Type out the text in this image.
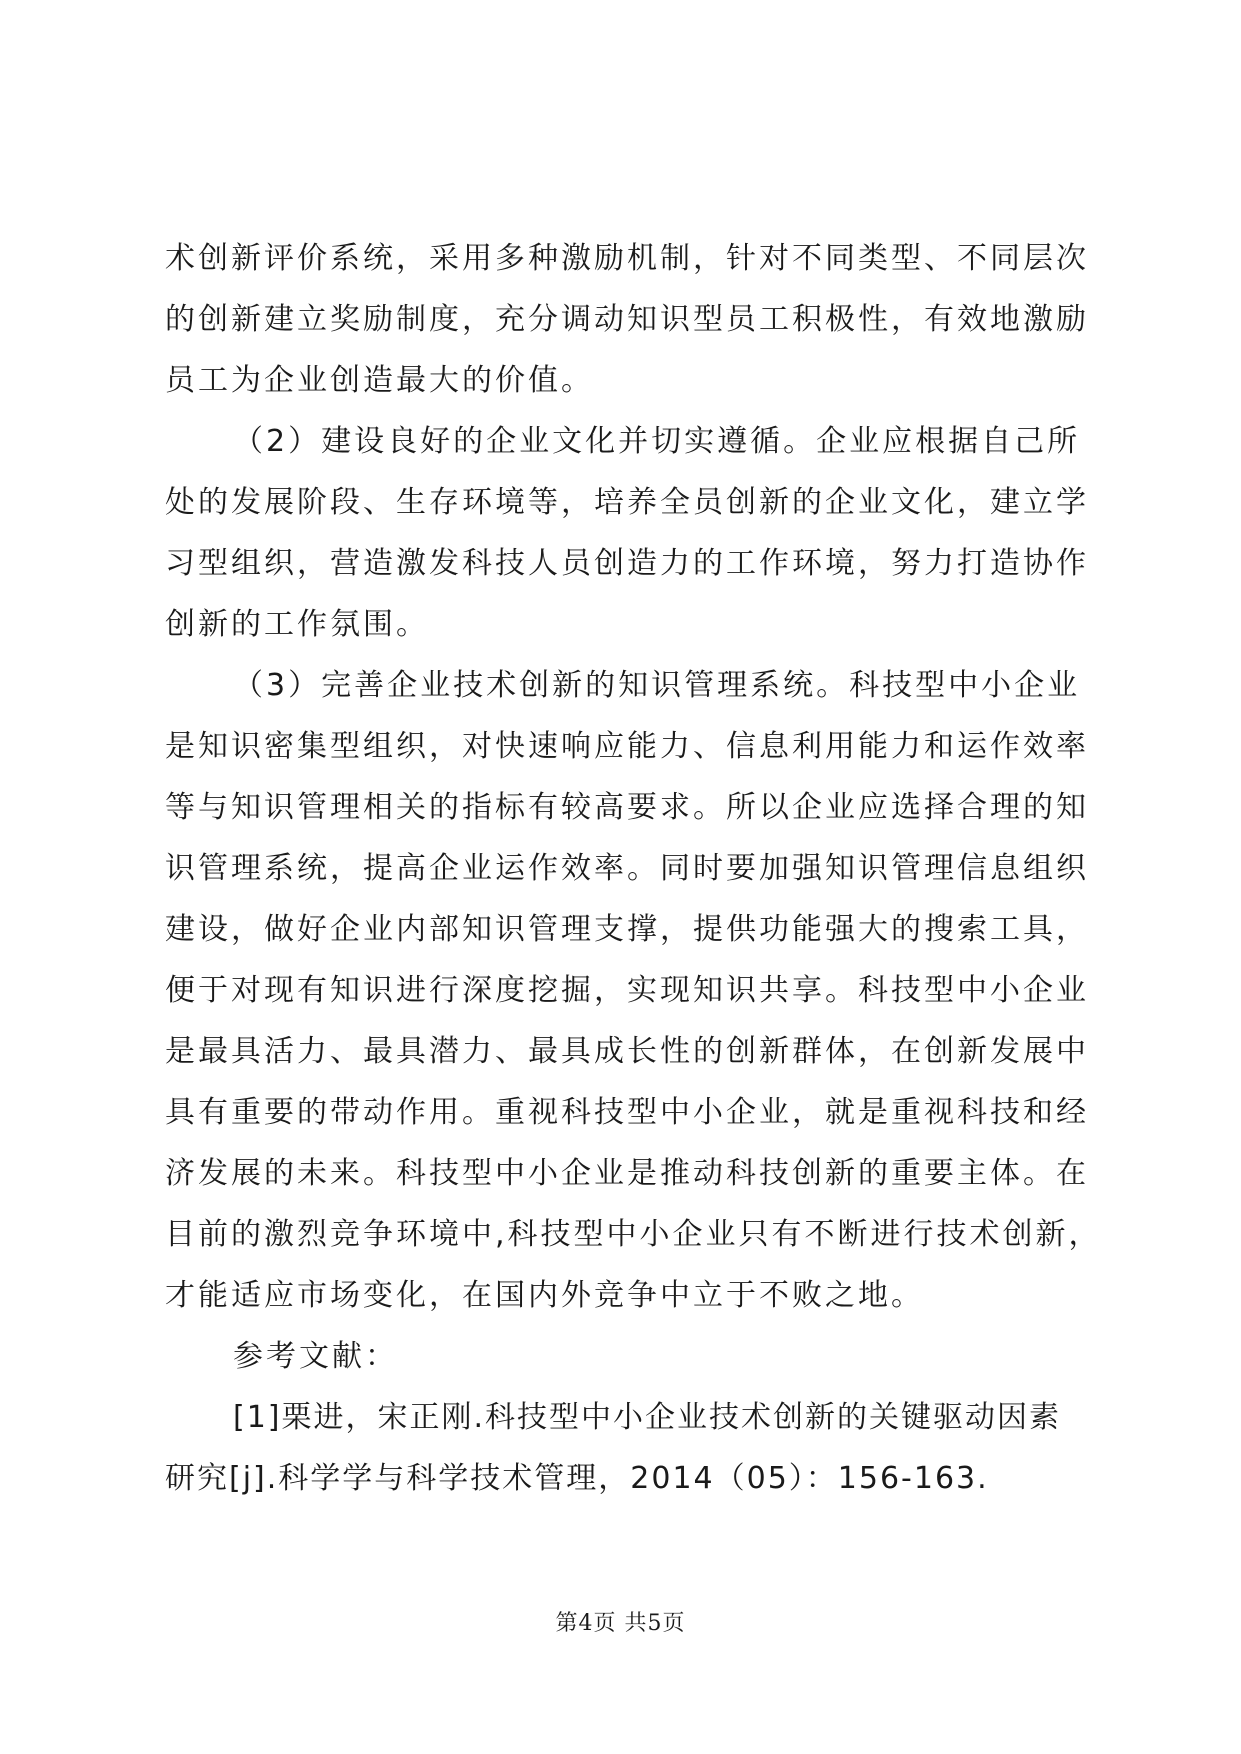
术创新评价系统，采用多种激励机制，针对不同类型、不同层次
的创新建立奖励制度，充分调动知识型员工积极性，有效地激励
员工为企业创造最大的价值。
（2）建设良好的企业文化并切实遵循。企业应根据自己所
处的发展阶段、生存环境等，培养全员创新的企业文化，建立学
习型组织，营造激发科技人员创造力的工作环境，努力打造协作
创新的工作氛围。
（3）完善企业技术创新的知识管理系统。科技型中小企业
是知识密集型组织，对快速响应能力、信息利用能力和运作效率
等与知识管理相关的指标有较高要求。所以企业应选择合理的知
识管理系统，提高企业运作效率。同时要加强知识管理信息组织
建设，做好企业内部知识管理支撑，提供功能强大的搜索工具，
便于对现有知识进行深度挖掘，实现知识共享。科技型中小企业
是最具活力、最具潜力、最具成长性的创新群体，在创新发展中
具有重要的带动作用。重视科技型中小企业，就是重视科技和经
济发展的未来。科技型中小企业是推动科技创新的重要主体。在
目前的激烈竞争环境中,科技型中小企业只有不断进行技术创新，
才能适应市场变化，在国内外竞争中立于不败之地。
参考文献：
[1]栗进，宋正刚.科技型中小企业技术创新的关键驱动因素
研究[j].科学学与科学技术管理，2014（05）：156-163.
第4页 共5页
